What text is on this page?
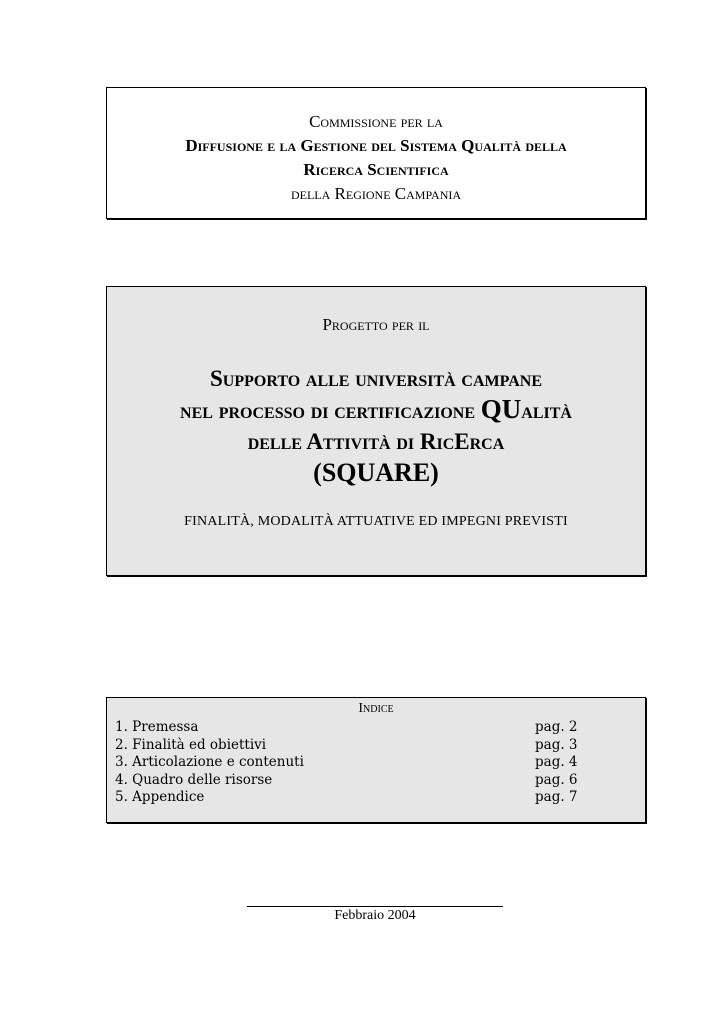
Commissione per la
Diffusione e la Gestione del Sistema Qualità della
Ricerca Scientifica
della Regione Campania
Progetto per il
Supporto alle università campane
nel processo di certificazione QUalità
delle Attività di RicErca
(SQUARE)
FINALITÀ, MODALITÀ ATTUATIVE ED IMPEGNI PREVISTI
Indice
1. Premessa	pag. 2
2. Finalità ed obiettivi	pag. 3
3. Articolazione e contenuti	pag. 4
4. Quadro delle risorse	pag. 6
5. Appendice	pag. 7
Febbraio 2004
